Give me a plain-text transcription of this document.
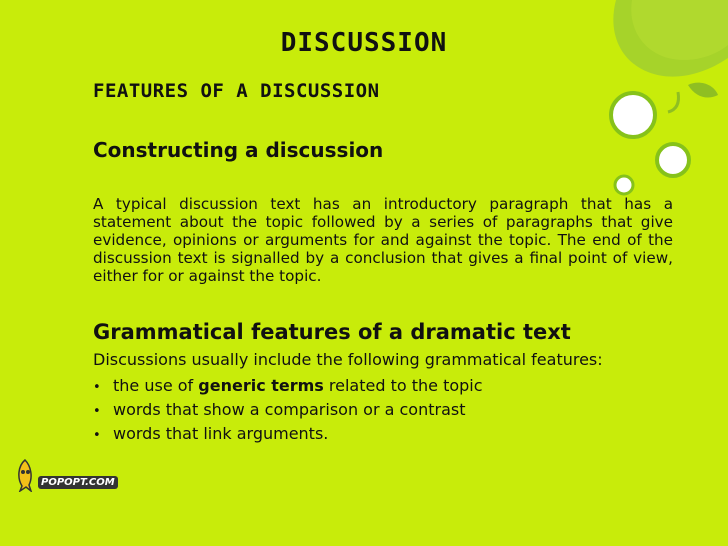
DISCUSSION
FEATURES OF A DISCUSSION
Constructing a discussion

A typical discussion text has an introductory paragraph that has a statement about the topic followed by a series of paragraphs that give evidence, opinions or arguments for and against the topic. The end of the discussion text is signalled by a conclusion that gives a final point of view, either for or against the topic.

Grammatical features of a dramatic text
Discussions usually include the following grammatical features:
• the use of generic terms related to the topic
• words that show a comparison or a contrast
• words that link arguments.
POPOPT.COM
